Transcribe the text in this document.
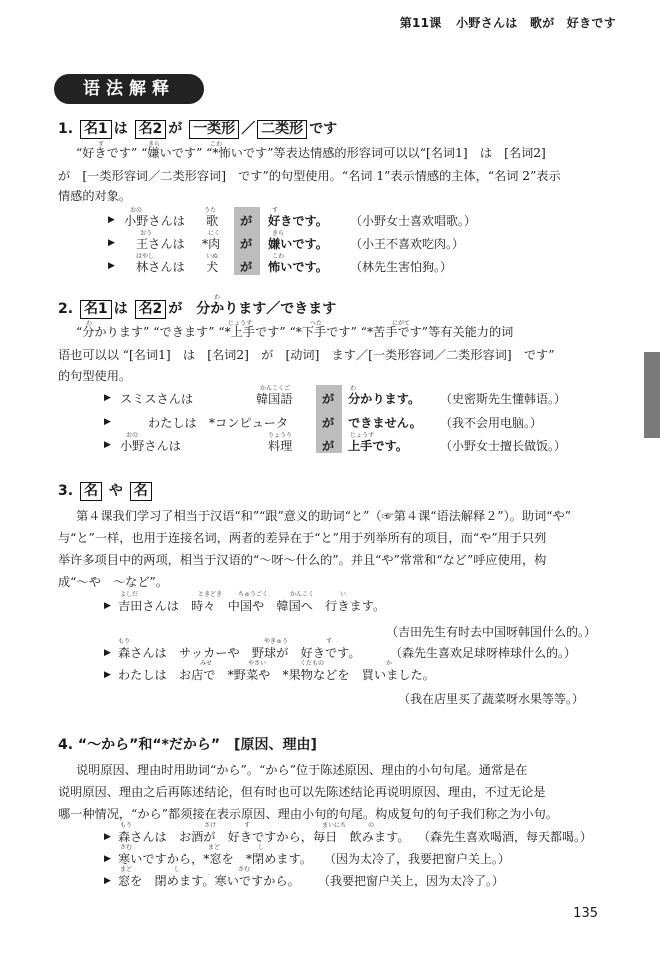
第11课 小野さんは　歌が　好きです
语法解释
1. 名1 は 名2 が 一类形 ／ 二类形 です
す	きら	こわ
“好きです” “嫌いです” “*怖いです”等表达情感的形容词可以以“[名词1]　は　[名词2]
が　[一类形容词／二类形容词]　です”的句型使用。“名词 1”表示情感的主体，“名词 2”表示
情感的对象。
▶
おの	うた	す
小野さんは 歌 が 好きです。 （小野女士喜欢唱歌。）
▶
おう	にく	きら
王さんは *肉 が 嫌いです。 （小王不喜欢吃肉。）
▶
はやし	いぬ	こわ
林さんは 犬 が 怖いです。 （林先生害怕狗。）
わ
2. 名1 は 名2 が　分かります／できます
わ	じょうず	へた	にがて
“分かります” “できます” “*上手です” “*下手です” “*苦手です”等有关能力的词
语也可以以 “[名词1]　は　[名词2]　が　[动词]　ます／[一类形容词／二类形容词]　です”
的句型使用。
▶
かんこくご	わ
スミスさんは	韓国語 が 分かります。 （史密斯先生懂韩语。）
▶	わたしは　*コンピュータ	が できません。 （我不会用电脑。）
▶
おの	りょうり	じょうず
小野さんは	料理 が 上手です。	（小野女士擅长做饭。）
3. 名 や 名
第４课我们学习了相当于汉语“和”“跟”意义的助词“と”（☞第４课“语法解释２”）。助词“や”
与“と”一样，也用于连接名词，两者的差异在于“と”用于列举所有的项目，而“や”用于只列
举许多项目中的两项，相当于汉语的“～呀～什么的”。并且“や”常常和“など”呼应使用，构
成“～や　～など”。
▶
よしだ	ときどき	ちゅうごく	かんこく	い
吉田さんは　時々　中国や　韓国へ　行きます。
（吉田先生有时去中国呀韩国什么的。）
▶
もり	やきゅう	す
森さんは　サッカーや　野球が　好きです。 （森先生喜欢足球呀棒球什么的。）
▶
みせ	やさい	くだもの	か
わたしは　お店で　*野菜や　*果物などを　買いました。
（我在店里买了蔬菜呀水果等等。）
4. “～から”和“*だから”　[原因、理由]
说明原因、理由时用助词“から”。“から”位于陈述原因、理由的小句句尾。通常是在
说明原因、理由之后再陈述结论，但有时也可以先陈述结论再说明原因、理由，不过无论是
哪一种情况，“から”都须接在表示原因、理由小句的句尾。构成复句的句子我们称之为小句。
▶
もり	さけ	す	まいにち	の
森さんは　お酒が　好きですから，毎日　飲みます。 （森先生喜欢喝酒，每天都喝。）
▶
さむ	まど	し
寒いですから，*窓を　*閉めます。 （因为太冷了，我要把窗户关上。）
▶
まど	し	さむ
窓を　閉めます。寒いですから。 （我要把窗户关上，因为太冷了。）
135
